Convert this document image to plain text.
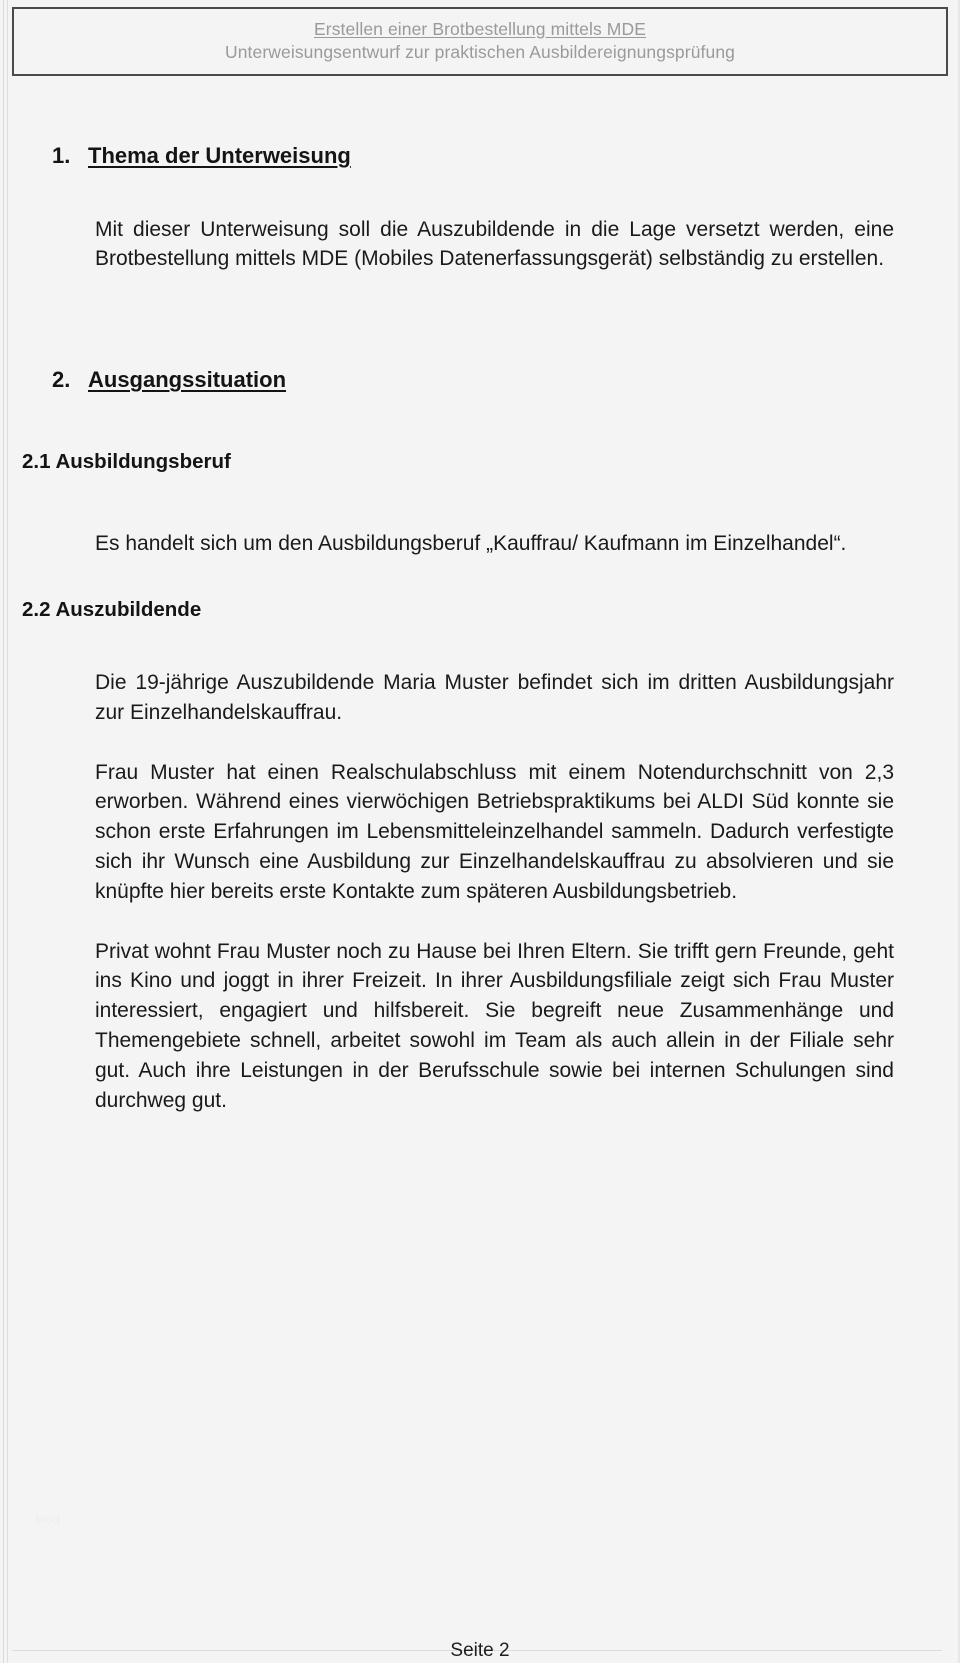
Erstellen einer Brotbestellung mittels MDE
Unterweisungsentwurf zur praktischen Ausbildereignungsprüfung
1. Thema der Unterweisung

Mit dieser Unterweisung soll die Auszubildende in die Lage versetzt werden, eine Brotbestellung mittels MDE (Mobiles Datenerfassungsgerät) selbständig zu erstellen.

2. Ausgangssituation
2.1 Ausbildungsberuf

Es handelt sich um den Ausbildungsberuf „Kauffrau/ Kaufmann im Einzelhandel“.

2.2 Auszubildende

Die 19-jährige Auszubildende Maria Muster befindet sich im dritten Ausbildungsjahr zur Einzelhandelskauffrau.

Frau Muster hat einen Realschulabschluss mit einem Notendurchschnitt von 2,3 erworben. Während eines vierwöchigen Betriebspraktikums bei ALDI Süd konnte sie schon erste Erfahrungen im Lebensmitteleinzelhandel sammeln. Dadurch verfestigte sich ihr Wunsch eine Ausbildung zur Einzelhandelskauffrau zu absolvieren und sie knüpfte hier bereits erste Kontakte zum späteren Ausbildungsbetrieb.

Privat wohnt Frau Muster noch zu Hause bei Ihren Eltern. Sie trifft gern Freunde, geht ins Kino und joggt in ihrer Freizeit. In ihrer Ausbildungsfiliale zeigt sich Frau Muster interessiert, engagiert und hilfsbereit. Sie begreift neue Zusammenhänge und Themengebiete schnell, arbeitet sowohl im Team als auch allein in der Filiale sehr gut. Auch ihre Leistungen in der Berufsschule sowie bei internen Schulungen sind durchweg gut.

blog
Seite 2
